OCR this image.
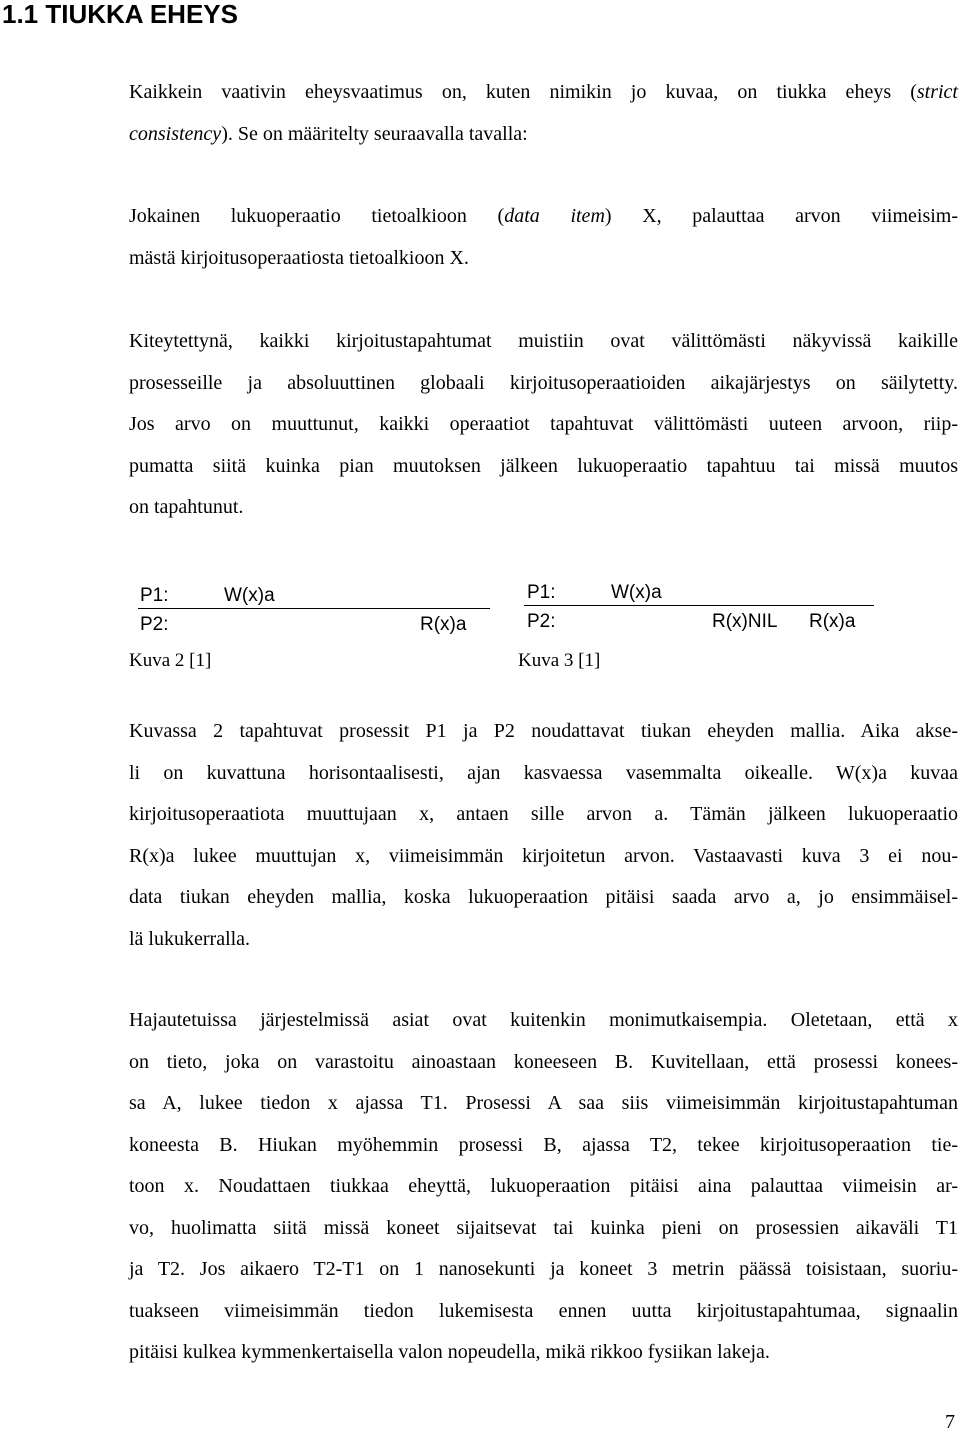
1.1 TIUKKA EHEYS

Kaikkein vaativin eheysvaatimus on, kuten nimikin jo kuvaa, on tiukka eheys (strict
consistency). Se on määritelty seuraavalla tavalla:

Jokainen lukuoperaatio tietoalkioon (data item) X, palauttaa arvon viimeisim-
mästä kirjoitusoperaatiosta tietoalkioon X.

Kiteytettynä, kaikki kirjoitustapahtumat muistiin ovat välittömästi näkyvissä kaikille
prosesseille ja absoluuttinen globaali kirjoitusoperaatioiden aikajärjestys on säilytetty.
Jos arvo on muuttunut, kaikki operaatiot tapahtuvat välittömästi uuteen arvoon, riip-
pumatta siitä kuinka pian muutoksen jälkeen lukuoperaatio tapahtuu tai missä muutos
on tapahtunut.

P1:	W(x)a
P2:	R(x)a
P1:	W(x)a
P2:	R(x)NIL R(x)a
Kuva 2 [1]	Kuva 3 [1]

Kuvassa 2 tapahtuvat prosessit P1 ja P2 noudattavat tiukan eheyden mallia. Aika akse-
li on kuvattuna horisontaalisesti, ajan kasvaessa vasemmalta oikealle. W(x)a kuvaa
kirjoitusoperaatiota muuttujaan x, antaen sille arvon a. Tämän jälkeen lukuoperaatio
R(x)a lukee muuttujan x, viimeisimmän kirjoitetun arvon. Vastaavasti kuva 3 ei nou-
data tiukan eheyden mallia, koska lukuoperaation pitäisi saada arvo a, jo ensimmäisel-
lä lukukerralla.

Hajautetuissa järjestelmissä asiat ovat kuitenkin monimutkaisempia. Oletetaan, että x
on tieto, joka on varastoitu ainoastaan koneeseen B. Kuvitellaan, että prosessi konees-
sa A, lukee tiedon x ajassa T1. Prosessi A saa siis viimeisimmän kirjoitustapahtuman
koneesta B. Hiukan myöhemmin prosessi B, ajassa T2, tekee kirjoitusoperaation tie-
toon x. Noudattaen tiukkaa eheyttä, lukuoperaation pitäisi aina palauttaa viimeisin ar-
vo, huolimatta siitä missä koneet sijaitsevat tai kuinka pieni on prosessien aikaväli T1
ja T2. Jos aikaero T2-T1 on 1 nanosekunti ja koneet 3 metrin päässä toisistaan, suoriu-
tuakseen viimeisimmän tiedon lukemisesta ennen uutta kirjoitustapahtumaa, signaalin
pitäisi kulkea kymmenkertaisella valon nopeudella, mikä rikkoo fysiikan lakeja.

7
